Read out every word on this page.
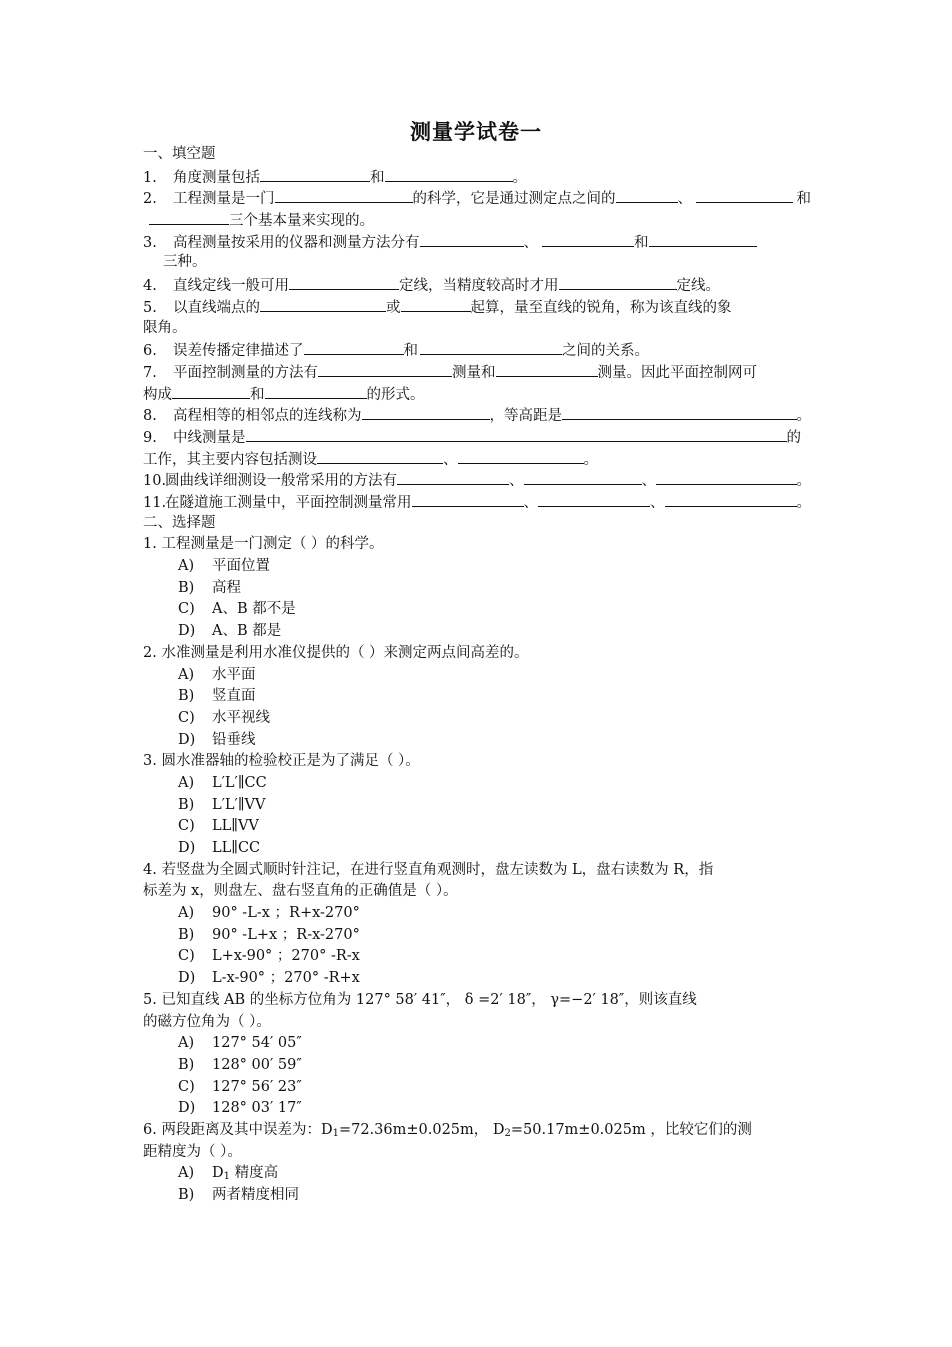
测量学试卷一
一、填空题
1. 角度测量包括	和	。
2.	工程测量是一门	的科学，它是通过测定点之间的	、	和
三个基本量来实现的。
3. 高程测量按采用的仪器和测量方法分有	、	和
三种。
4. 直线定线一般可用	定线，当精度较高时才用	定线。
5. 以直线端点的	或	起算，量至直线的锐角，称为该直线的象
限角。
6. 误差传播定律描述了	和	之间的关系。
7. 平面控制测量的方法有	测量和	测量。因此平面控制网可
构成	和	的形式。
8.	高程相等的相邻点的连线称为	，等高距是	。
9.	中线测量是	的
工作，其主要内容包括测设	、	。
10.
圆曲线详细测设一般常采用的方法有	、	、	。
11.
在隧道施工测量中，平面控制测量常用	、	、	。
二、选择题
1. 工程测量是一门测定（ ）的科学。
A) 平面位置
B) 高程
C) A、B 都不是
D) A、B 都是
2. 水准测量是利用水准仪提供的（ ）来测定两点间高差的。
A) 水平面
B) 竖直面
C) 水平视线
D) 铅垂线
3. 圆水准器轴的检验校正是为了满足（ ）。
A) L′L′∥CC
B) L′L′∥VV
C) LL∥VV
D) LL∥CC
4. 若竖盘为全圆式顺时针注记，在进行竖直角观测时，盘左读数为 L，盘右读数为 R，指
标差为 x，则盘左、盘右竖直角的正确值是（ ）。
A) 90° -L-x ；R+x-270°
B) 90° -L+x ；R-x-270°
C) L+x-90° ；270° -R-x
D) L-x-90° ；270° -R+x
5. 已知直线 AB 的坐标方位角为 127° 58′ 41″， δ =2′ 18″， γ=−2′ 18″，则该直线
的磁方位角为（ ）。
A) 127° 54′ 05″
B) 128° 00′ 59″
C) 127° 56′ 23″
D) 128° 03′ 17″
6. 两段距离及其中误差为：$D_1=72.36m\pm 0.025m$， $D_2=50.17m\pm 0.025m$ ，比较它们的测
距精度为（ ）。
A) $D_1$ 精度高
B) 两者精度相同
